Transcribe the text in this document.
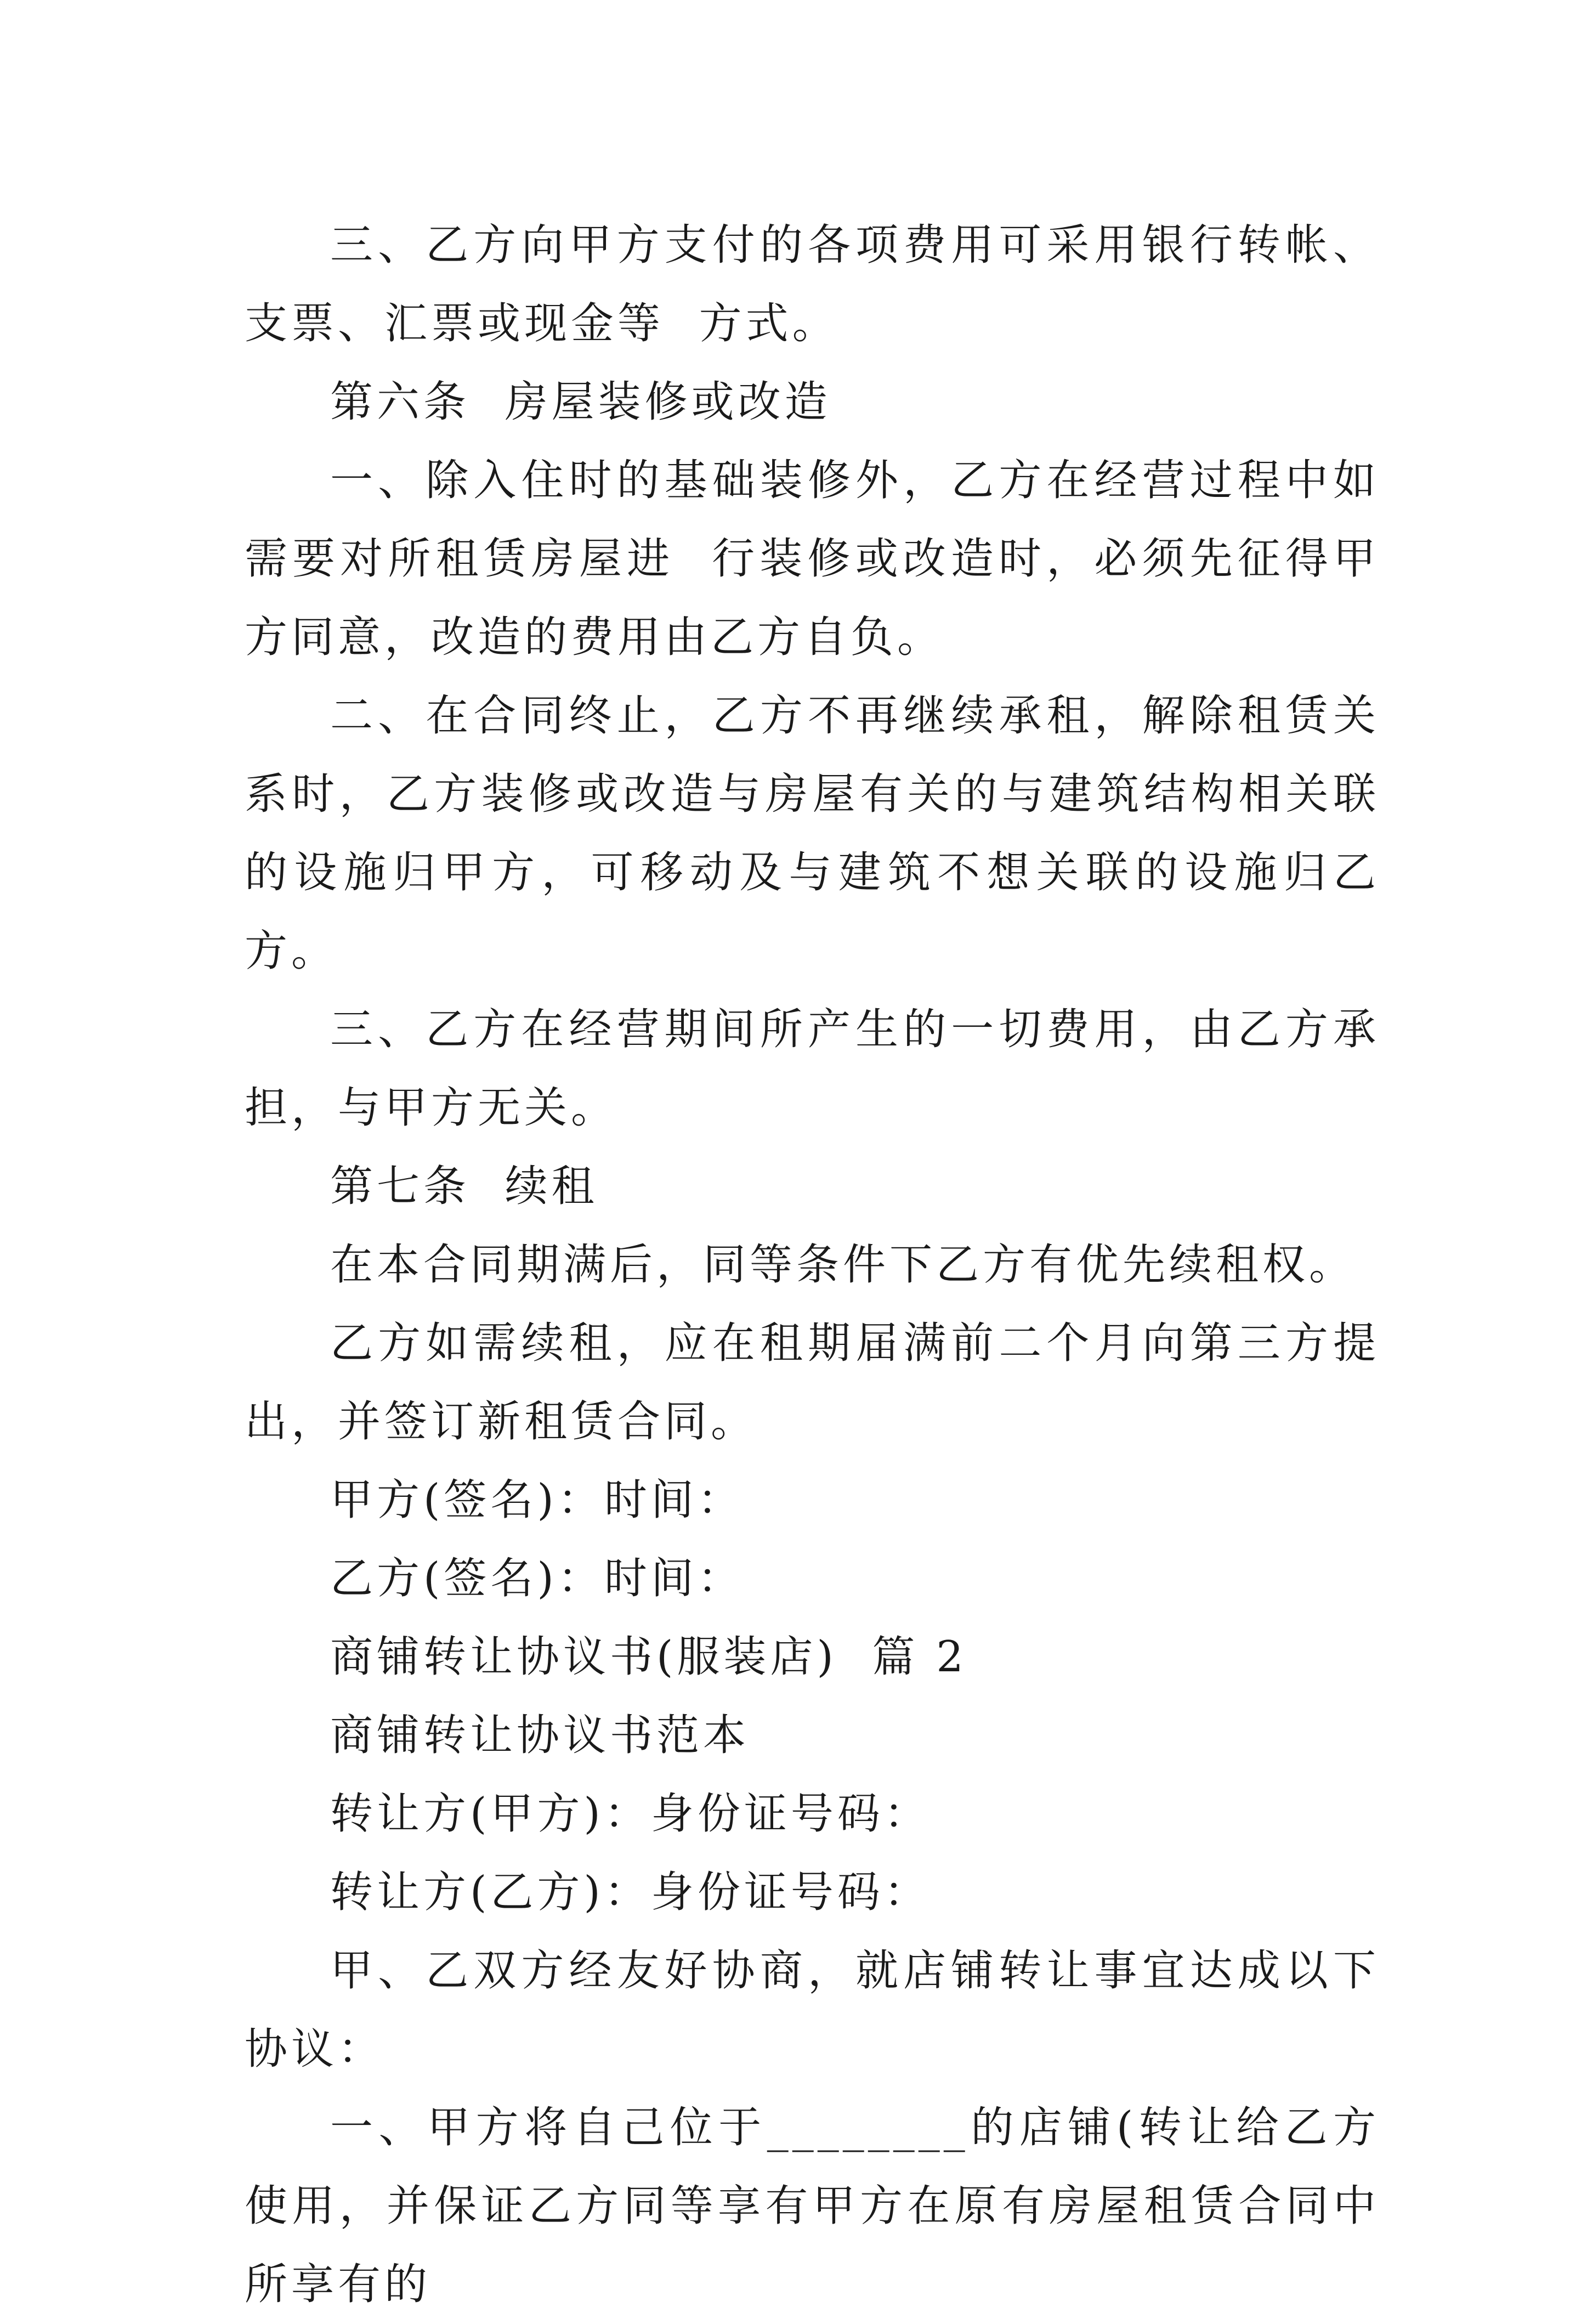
三、乙方向甲方支付的各项费用可采用银行转帐、支票、汇票或现金等  方式。

第六条  房屋装修或改造

一、除入住时的基础装修外，乙方在经营过程中如需要对所租赁房屋进  行装修或改造时，必须先征得甲方同意，改造的费用由乙方自负。

二、在合同终止，乙方不再继续承租，解除租赁关系时，乙方装修或改造与房屋有关的与建筑结构相关联的设施归甲方，可移动及与建筑不想关联的设施归乙方。

三、乙方在经营期间所产生的一切费用，由乙方承担，与甲方无关。

第七条  续租

在本合同期满后，同等条件下乙方有优先续租权。

乙方如需续租，应在租期届满前二个月向第三方提出，并签订新租赁合同。

甲方(签名)：时间：

乙方(签名)：时间：

商铺转让协议书(服装店)  篇 2

商铺转让协议书范本

转让方(甲方)：身份证号码：

转让方(乙方)：身份证号码：

甲、乙双方经友好协商，就店铺转让事宜达成以下协议：

一、甲方将自己位于________的店铺(转让给乙方使用，并保证乙方同等享有甲方在原有房屋租赁合同中所享有的
